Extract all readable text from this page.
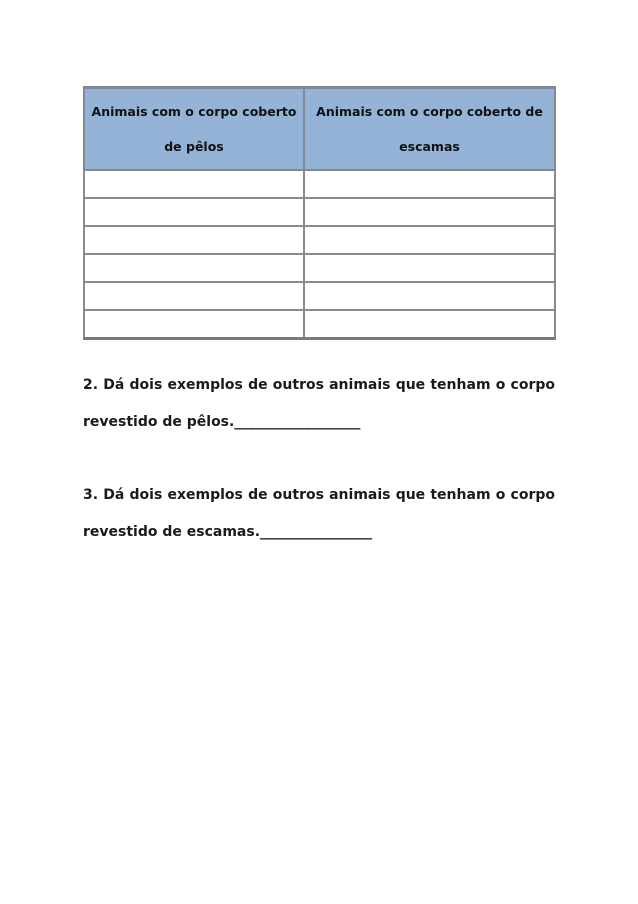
Animais com o corpo coberto de pêlos	Animais com o corpo coberto de escamas

2. Dá dois exemplos de outros animais que tenham o corpo revestido de pêlos.__________________

3. Dá dois exemplos de outros animais que tenham o corpo revestido de escamas.________________
